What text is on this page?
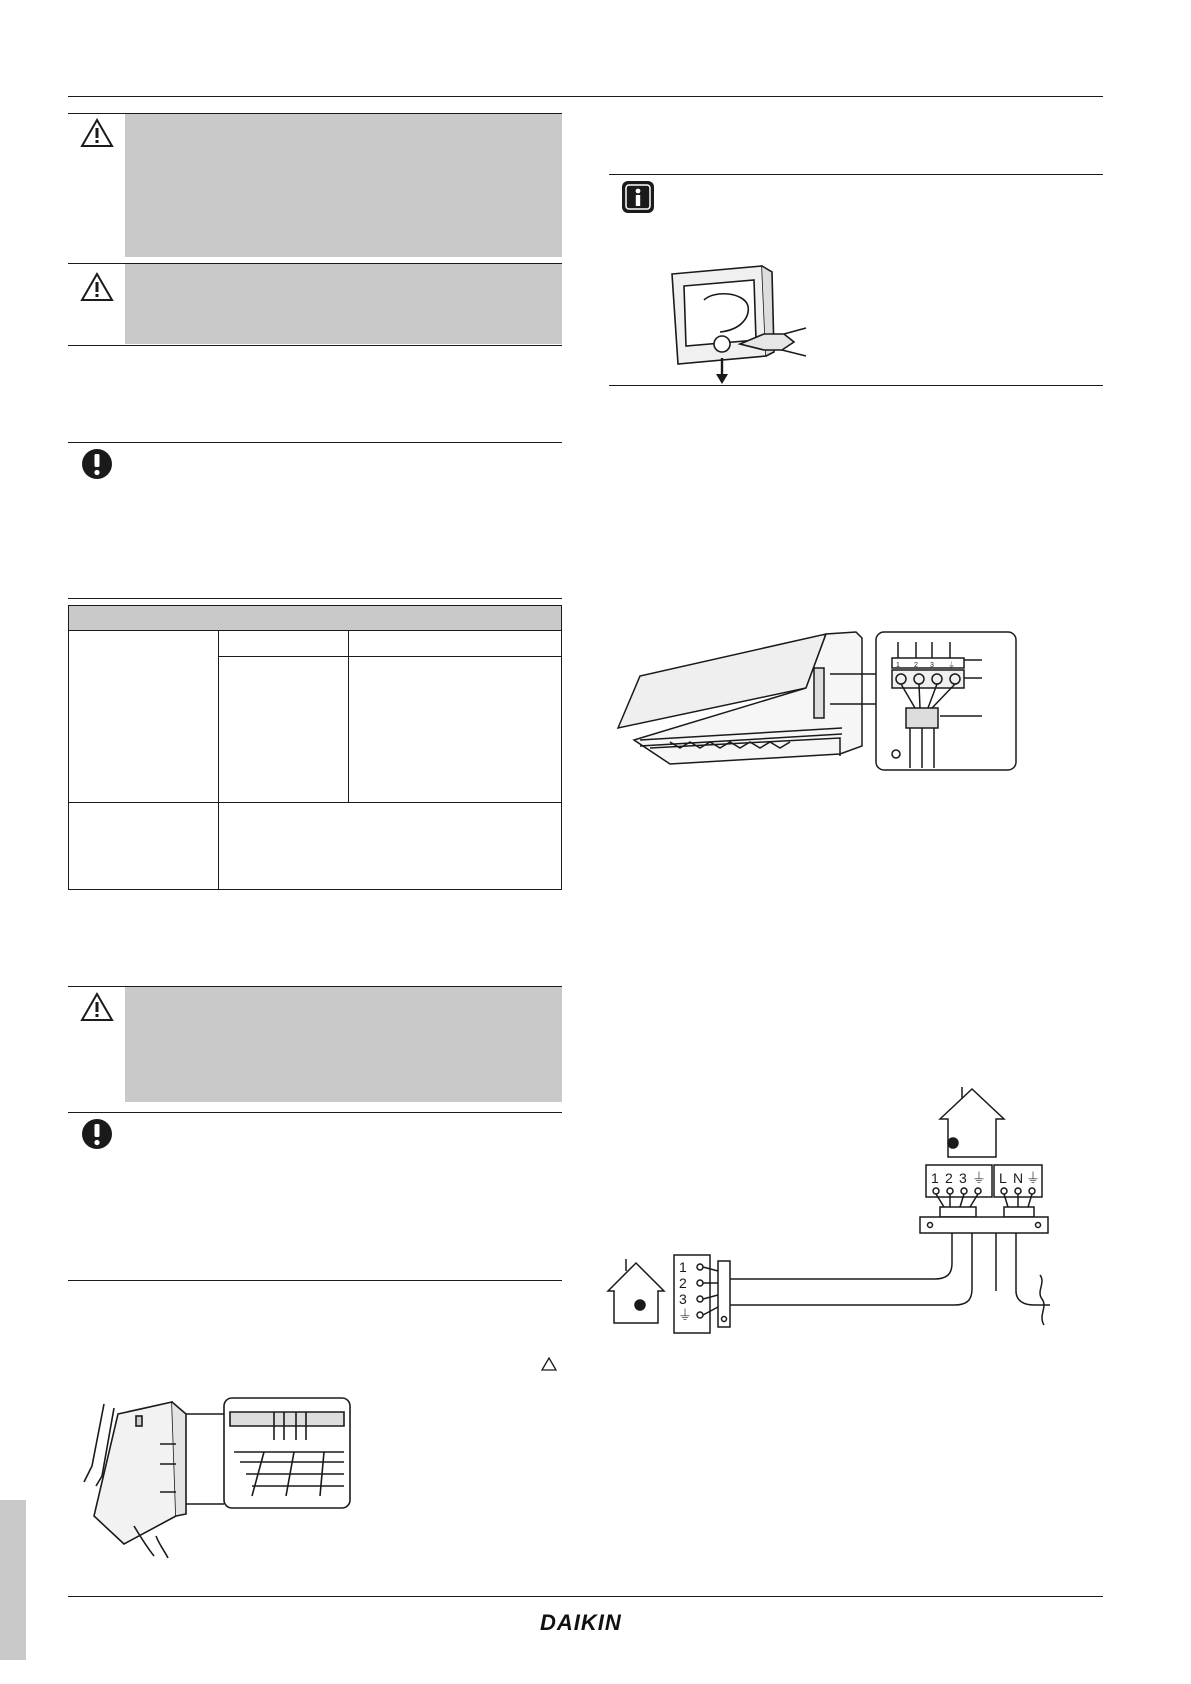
1 2 3 ⏚
1 2 3 ⏚ L N ⏚
1
2
3
⏚
DAIKIN
